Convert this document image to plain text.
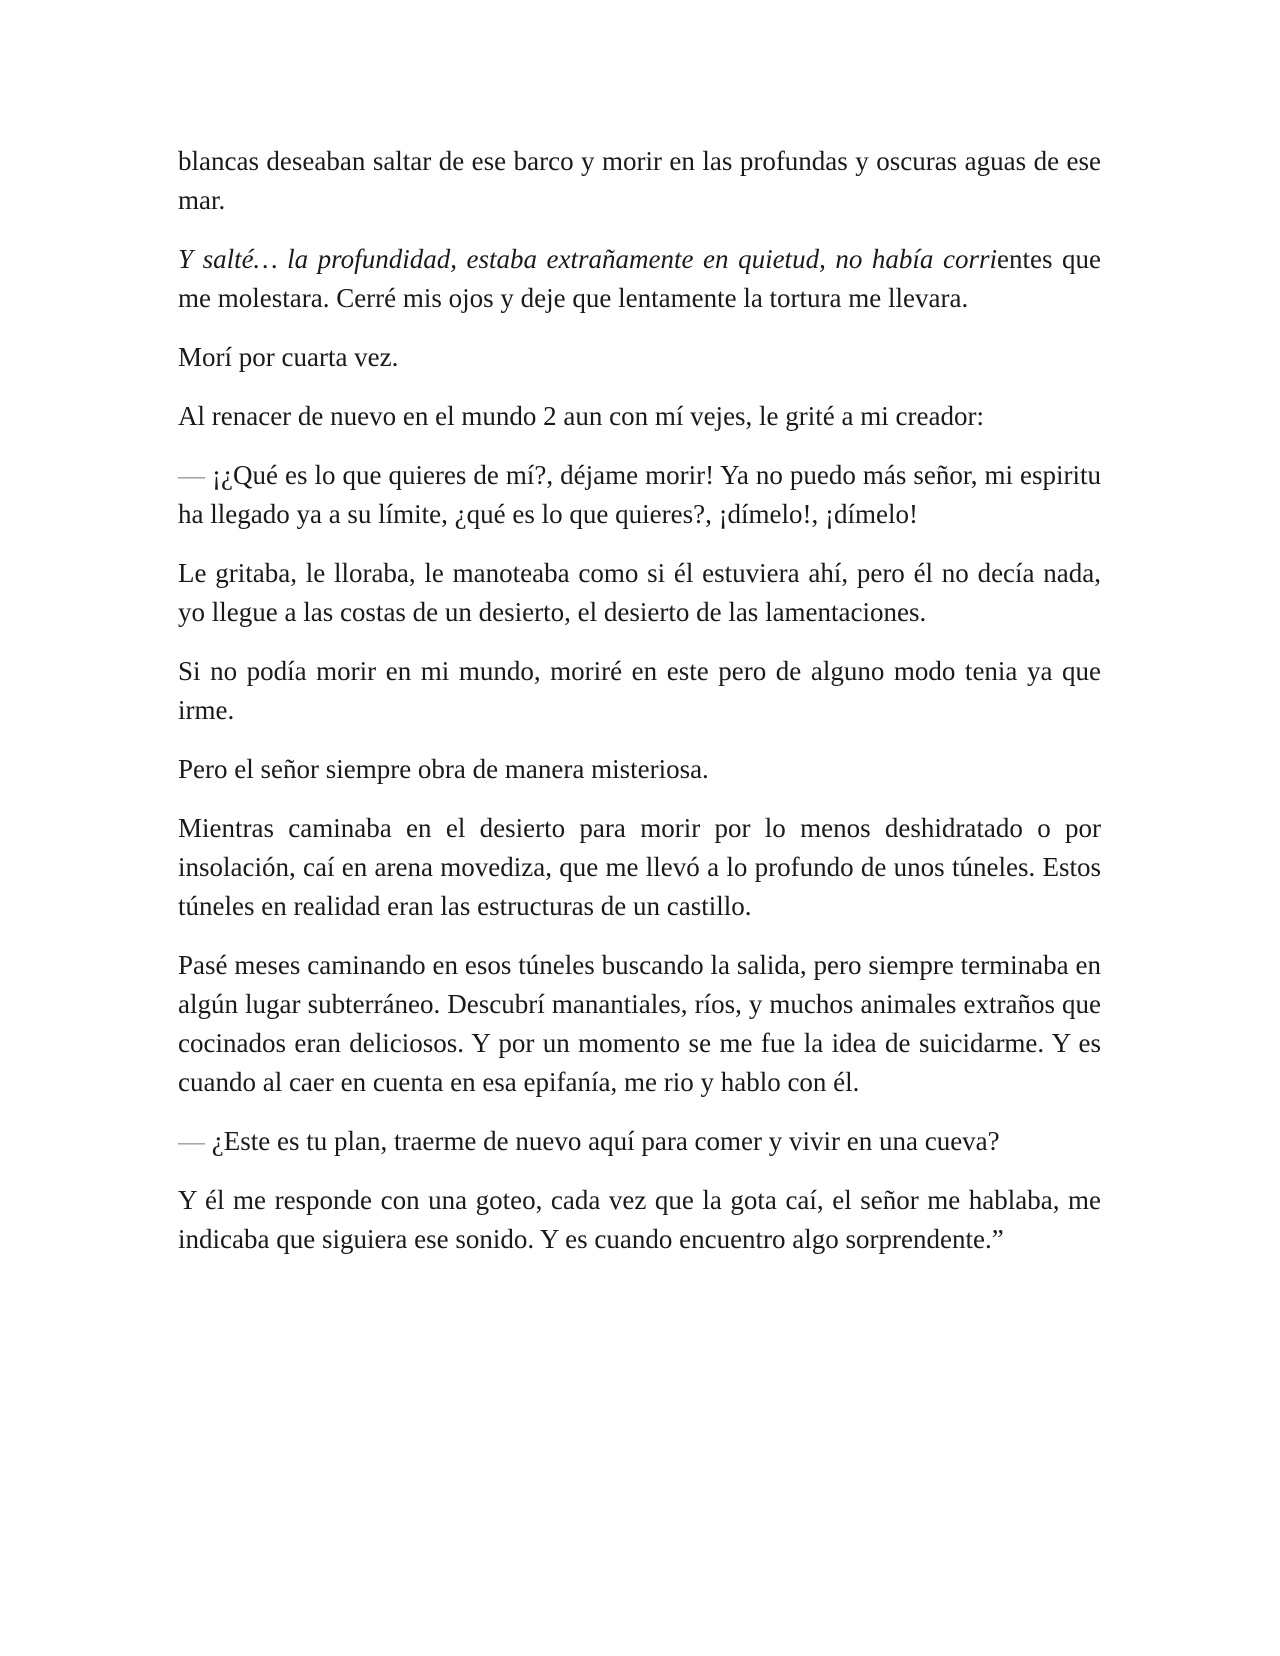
blancas deseaban saltar de ese barco y morir en las profundas y oscuras aguas de ese mar.

Y salté… la profundidad, estaba extrañamente en quietud, no había corrientes que me molestara. Cerré mis ojos y deje que lentamente la tortura me llevara.

Morí por cuarta vez.

Al renacer de nuevo en el mundo 2 aun con mí vejes, le grité a mi creador:

— ¡¿Qué es lo que quieres de mí?, déjame morir! Ya no puedo más señor, mi espiritu ha llegado ya a su límite, ¿qué es lo que quieres?, ¡dímelo!, ¡dímelo!

Le gritaba, le lloraba, le manoteaba como si él estuviera ahí, pero él no decía nada, yo llegue a las costas de un desierto, el desierto de las lamentaciones.

Si no podía morir en mi mundo, moriré en este pero de alguno modo tenia ya que irme.

Pero el señor siempre obra de manera misteriosa.

Mientras caminaba en el desierto para morir por lo menos deshidratado o por insolación, caí en arena movediza, que me llevó a lo profundo de unos túneles. Estos túneles en realidad eran las estructuras de un castillo.

Pasé meses caminando en esos túneles buscando la salida, pero siempre terminaba en algún lugar subterráneo. Descubrí manantiales, ríos, y muchos animales extraños que cocinados eran deliciosos. Y por un momento se me fue la idea de suicidarme. Y es cuando al caer en cuenta en esa epifanía, me rio y hablo con él.

— ¿Este es tu plan, traerme de nuevo aquí para comer y vivir en una cueva?

Y él me responde con una goteo, cada vez que la gota caí, el señor me hablaba, me indicaba que siguiera ese sonido. Y es cuando encuentro algo sorprendente.”
